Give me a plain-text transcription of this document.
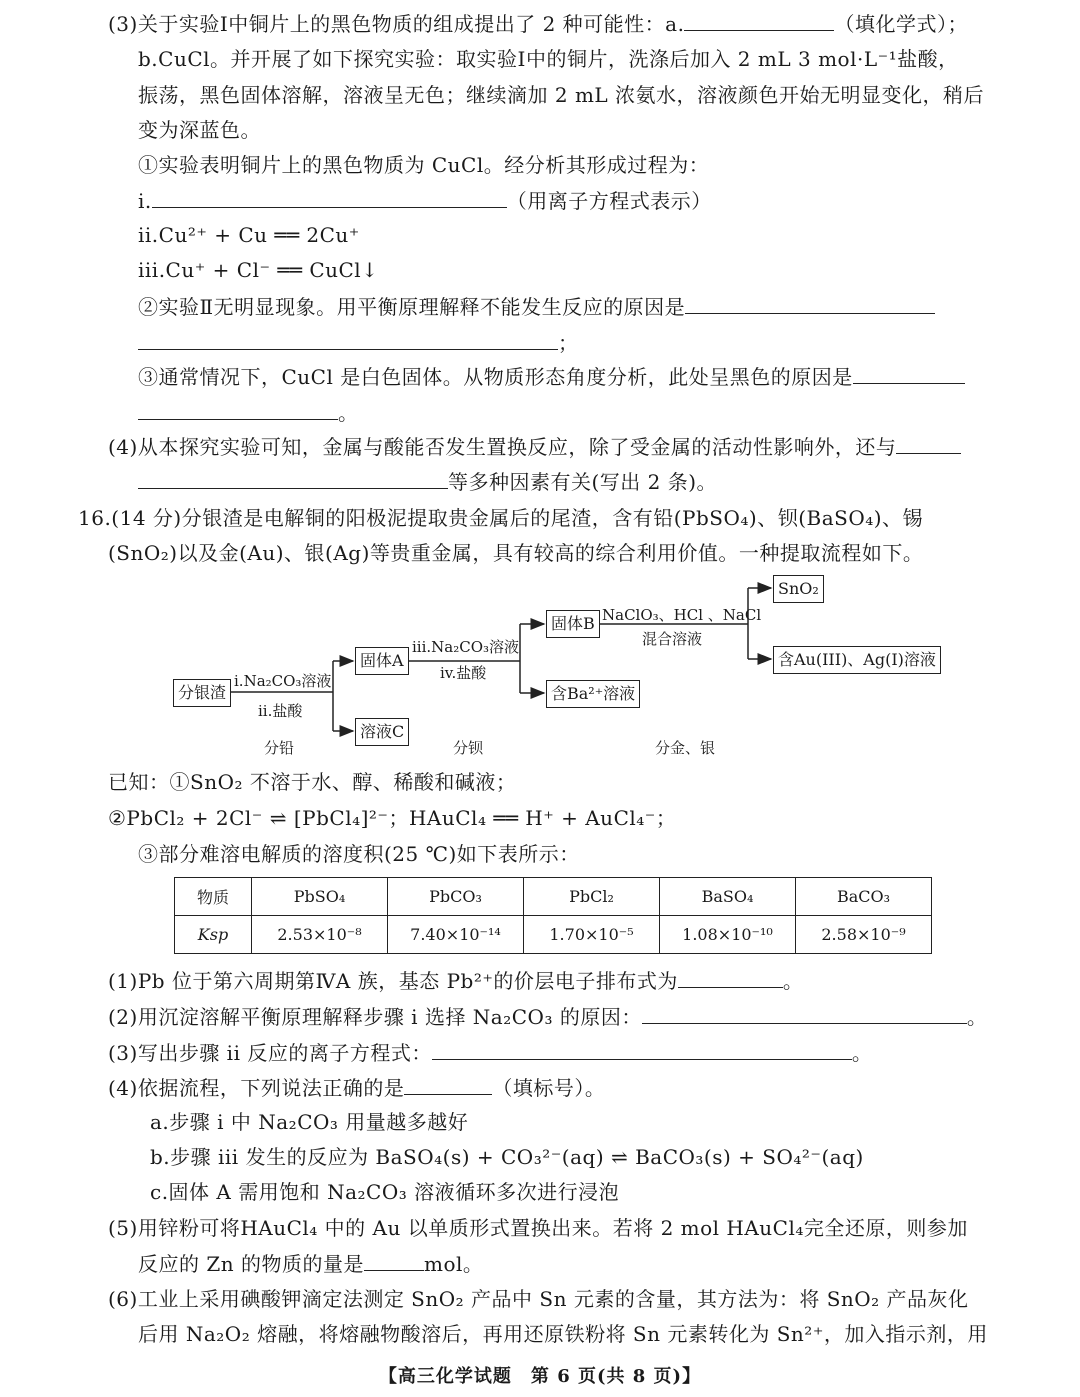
(3)关于实验Ⅰ中铜片上的黑色物质的组成提出了 2 种可能性：a.	（填化学式）；
b.CuCl。并开展了如下探究实验：取实验Ⅰ中的铜片，洗涤后加入 2 mL 3 mol·L⁻¹盐酸，
振荡，黑色固体溶解，溶液呈无色；继续滴加 2 mL 浓氨水，溶液颜色开始无明显变化，稍后
变为深蓝色。
①实验表明铜片上的黑色物质为 CuCl。经分析其形成过程为：
i.	（用离子方程式表示）
ii.Cu²⁺ + Cu ══ 2Cu⁺
iii.Cu⁺ + Cl⁻ ══ CuCl↓
②实验Ⅱ无明显现象。用平衡原理解释不能发生反应的原因是
；
③通常情况下，CuCl 是白色固体。从物质形态角度分析，此处呈黑色的原因是
。
(4)从本探究实验可知，金属与酸能否发生置换反应，除了受金属的活动性影响外，还与
等多种因素有关(写出 2 条)。
16.(14 分)分银渣是电解铜的阳极泥提取贵金属后的尾渣，含有铅(PbSO₄)、钡(BaSO₄)、锡
(SnO₂)以及金(Au)、银(Ag)等贵重金属，具有较高的综合利用价值。一种提取流程如下。
分银渣
i.Na₂CO₃溶液
ii.盐酸
固体A
溶液C
iii.Na₂CO₃溶液
iv.盐酸
固体B
含Ba²⁺溶液
NaClO₃、HCl 、NaCl
混合溶液
SnO₂
含Au(III)、Ag(I)溶液
分铅	分钡	分金、银
已知：①SnO₂ 不溶于水、醇、稀酸和碱液；
②PbCl₂ + 2Cl⁻ ⇌ [PbCl₄]²⁻；HAuCl₄ ══ H⁺ + AuCl₄⁻；
③部分难溶电解质的溶度积(25 ℃)如下表所示：
物质	PbSO₄	PbCO₃	PbCl₂	BaSO₄	BaCO₃
Ksp	2.53×10⁻⁸	7.40×10⁻¹⁴	1.70×10⁻⁵	1.08×10⁻¹⁰	2.58×10⁻⁹
(1)Pb 位于第六周期第ⅣA 族，基态 Pb²⁺的价层电子排布式为	。
(2)用沉淀溶解平衡原理解释步骤 i 选择 Na₂CO₃ 的原因：	。
(3)写出步骤 ii 反应的离子方程式：	。
(4)依据流程，下列说法正确的是	（填标号）。
a.步骤 i 中 Na₂CO₃ 用量越多越好
b.步骤 iii 发生的反应为 BaSO₄(s) + CO₃²⁻(aq) ⇌ BaCO₃(s) + SO₄²⁻(aq)
c.固体 A 需用饱和 Na₂CO₃ 溶液循环多次进行浸泡
(5)用锌粉可将HAuCl₄ 中的 Au 以单质形式置换出来。若将 2 mol HAuCl₄完全还原，则参加
反应的 Zn 的物质的量是	mol。
(6)工业上采用碘酸钾滴定法测定 SnO₂ 产品中 Sn 元素的含量，其方法为：将 SnO₂ 产品灰化
后用 Na₂O₂ 熔融，将熔融物酸溶后，再用还原铁粉将 Sn 元素转化为 Sn²⁺，加入指示剂，用
【高三化学试题　第 6 页(共 8 页)】
